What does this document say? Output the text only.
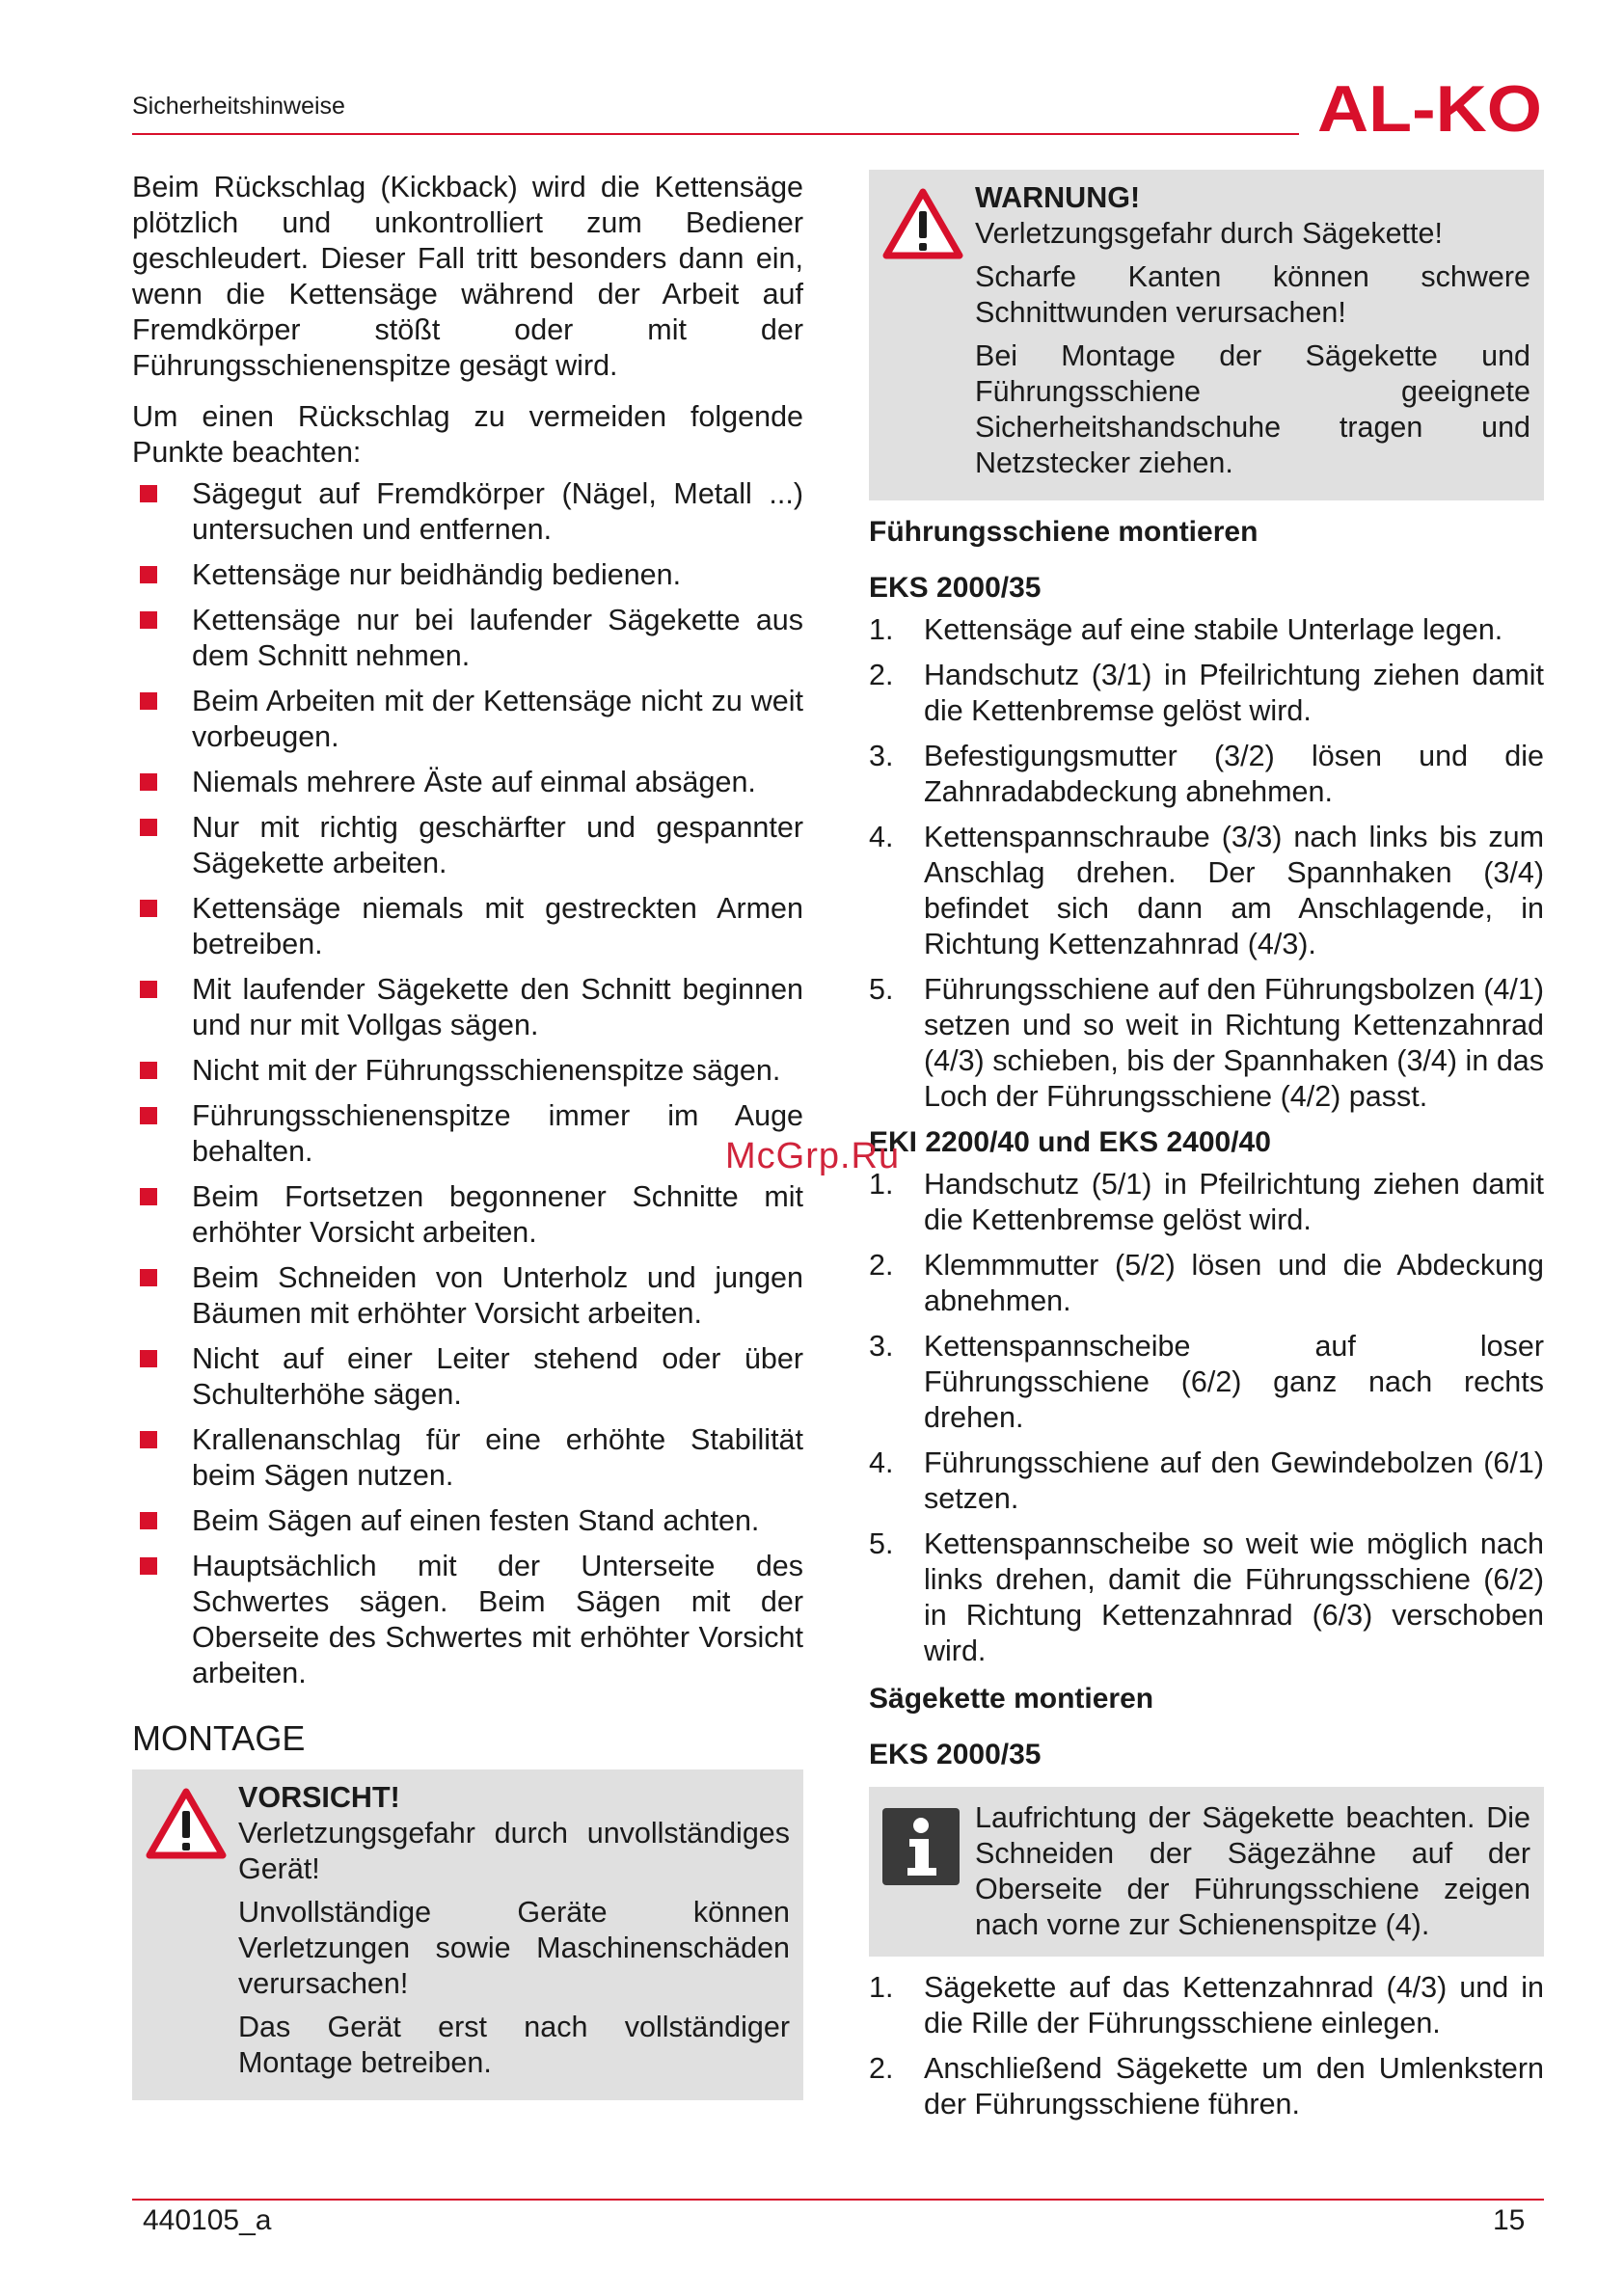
Sicherheitshinweise	AL-KO

Beim Rückschlag (Kickback) wird die Kettensäge plötzlich und unkontrolliert zum Bediener geschleudert. Dieser Fall tritt besonders dann ein, wenn die Kettensäge während der Arbeit auf Fremdkörper stößt oder mit der Führungsschienenspitze gesägt wird.

Um einen Rückschlag zu vermeiden folgende Punkte beachten:

Sägegut auf Fremdkörper (Nägel, Metall ...) untersuchen und entfernen.
Kettensäge nur beidhändig bedienen.
Kettensäge nur bei laufender Sägekette aus dem Schnitt nehmen.
Beim Arbeiten mit der Kettensäge nicht zu weit vorbeugen.
Niemals mehrere Äste auf einmal absägen.
Nur mit richtig geschärfter und gespannter Sägekette arbeiten.
Kettensäge niemals mit gestreckten Armen betreiben.
Mit laufender Sägekette den Schnitt beginnen und nur mit Vollgas sägen.
Nicht mit der Führungsschienenspitze sägen.
Führungsschienenspitze immer im Auge behalten.
Beim Fortsetzen begonnener Schnitte mit erhöhter Vorsicht arbeiten.
Beim Schneiden von Unterholz und jungen Bäumen mit erhöhter Vorsicht arbeiten.
Nicht auf einer Leiter stehend oder über Schulterhöhe sägen.
Krallenanschlag für eine erhöhte Stabilität beim Sägen nutzen.
Beim Sägen auf einen festen Stand achten.
Hauptsächlich mit der Unterseite des Schwertes sägen. Beim Sägen mit der Oberseite des Schwertes mit erhöhter Vorsicht arbeiten.
MONTAGE
VORSICHT!

Verletzungsgefahr durch unvollständiges Gerät!

Unvollständige Geräte können Verletzungen sowie Maschinenschäden verursachen!

Das Gerät erst nach vollständiger Montage betreiben.

WARNUNG!

Verletzungsgefahr durch Sägekette!

Scharfe Kanten können schwere Schnittwunden verursachen!

Bei Montage der Sägekette und Führungsschiene geeignete Sicherheitshandschuhe tragen und Netzstecker ziehen.

Führungsschiene montieren
EKS 2000/35
1.	Kettensäge auf eine stabile Unterlage legen.
2.	Handschutz (3/1) in Pfeilrichtung ziehen damit die Kettenbremse gelöst wird.
3.	Befestigungsmutter (3/2) lösen und die Zahnradabdeckung abnehmen.
4.	Kettenspannschraube (3/3) nach links bis zum Anschlag drehen. Der Spannhaken (3/4) befindet sich dann am Anschlagende, in Richtung Kettenzahnrad (4/3).
5.	Führungsschiene auf den Führungsbolzen (4/1) setzen und so weit in Richtung Kettenzahnrad (4/3) schieben, bis der Spannhaken (3/4) in das Loch der Führungsschiene (4/2) passt.
EKI 2200/40 und EKS 2400/40
1.	Handschutz (5/1) in Pfeilrichtung ziehen damit die Kettenbremse gelöst wird.
2.	Klemmmutter (5/2) lösen und die Abdeckung abnehmen.
3.	Kettenspannscheibe auf loser Führungsschiene (6/2) ganz nach rechts drehen.
4.	Führungsschiene auf den Gewindebolzen (6/1) setzen.
5.	Kettenspannscheibe so weit wie möglich nach links drehen, damit die Führungsschiene (6/2) in Richtung Kettenzahnrad (6/3) verschoben wird.
Sägekette montieren
EKS 2000/35

Laufrichtung der Sägekette beachten. Die Schneiden der Sägezähne auf der Oberseite der Führungsschiene zeigen nach vorne zur Schienenspitze (4).

1.	Sägekette auf das Kettenzahnrad (4/3) und in die Rille der Führungsschiene einlegen.
2.	Anschließend Sägekette um den Umlenkstern der Führungsschiene führen.
McGrp.Ru
440105_a	15
